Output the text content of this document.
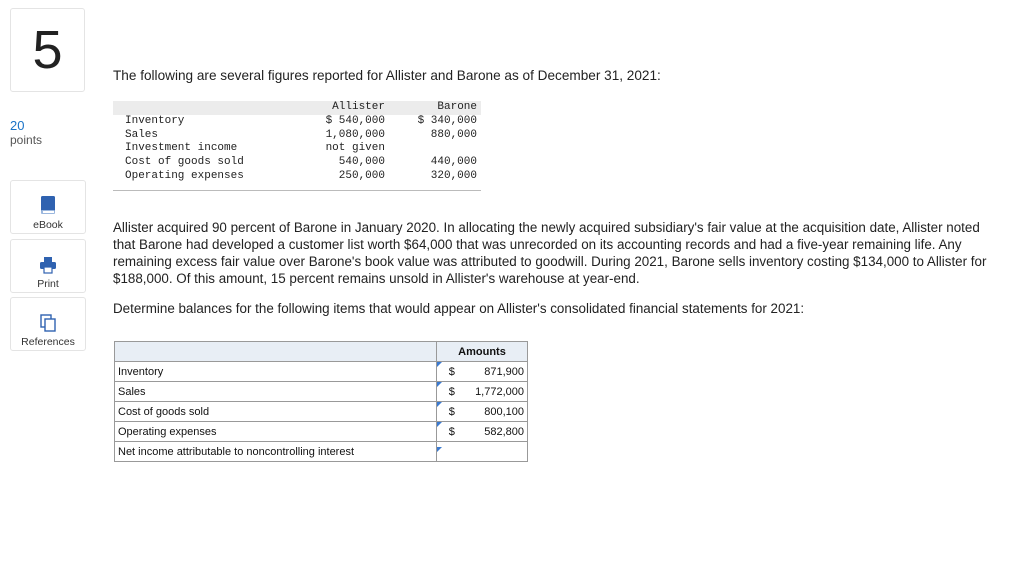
5
20
points
eBook
Print
References
The following are several figures reported for Allister and Barone as of December 31, 2021:
	Allister	Barone
Inventory	$ 540,000	$ 340,000
Sales	1,080,000	880,000
Investment income	not given	
Cost of goods sold	540,000	440,000
Operating expenses	250,000	320,000

Allister acquired 90 percent of Barone in January 2020. In allocating the newly acquired subsidiary's fair value at the acquisition date, Allister noted that Barone had developed a customer list worth $64,000 that was unrecorded on its accounting records and had a five-year remaining life. Any remaining excess fair value over Barone's book value was attributed to goodwill. During 2021, Barone sells inventory costing $134,000 to Allister for $188,000. Of this amount, 15 percent remains unsold in Allister's warehouse at year-end.
Determine balances for the following items that would appear on Allister's consolidated financial statements for 2021:
	Amounts	
Inventory	$	871,900
Sales	$	1,772,000
Cost of goods sold	$	800,100
Operating expenses	$	582,800
Net income attributable to noncontrolling interest		
